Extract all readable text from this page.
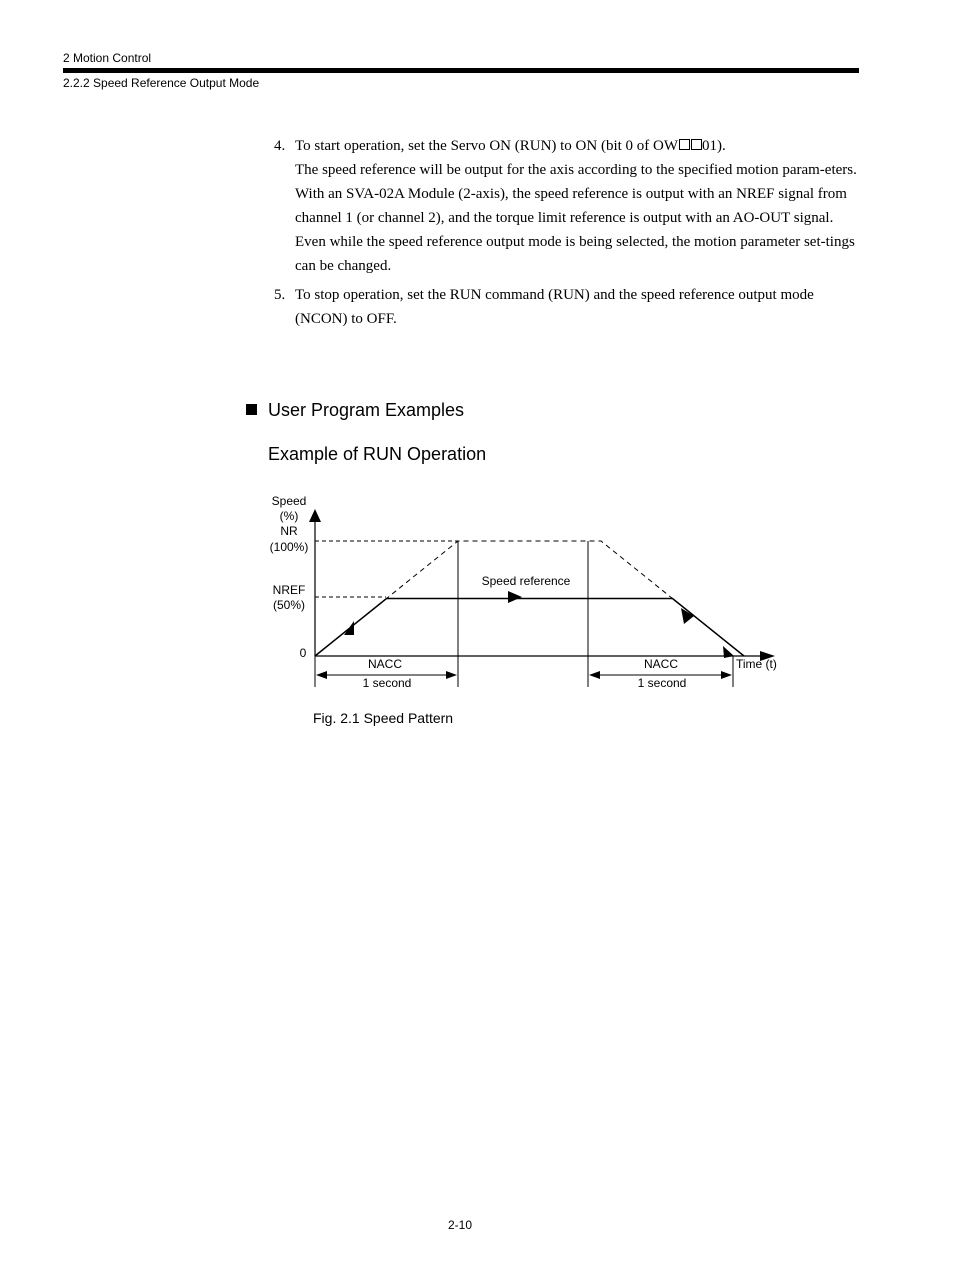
2 Motion Control
2.2.2 Speed Reference Output Mode
4. To start operation, set the Servo ON (RUN) to ON (bit 0 of OW 01).

The speed reference will be output for the axis according to the specified motion param-eters.

With an SVA-02A Module (2-axis), the speed reference is output with an NREF signal from channel 1 (or channel 2), and the torque limit reference is output with an AO-OUT signal.

Even while the speed reference output mode is being selected, the motion parameter set-tings can be changed.

5. To stop operation, set the RUN command (RUN) and the speed reference output mode (NCON) to OFF.

User Program Examples
Example of RUN Operation
Speed
(%)
NR
(100%)
NREF
(50%)
0
Time (t)
Speed reference
NACC
1 second
NACC
1 second
Fig. 2.1 Speed Pattern
2-10
